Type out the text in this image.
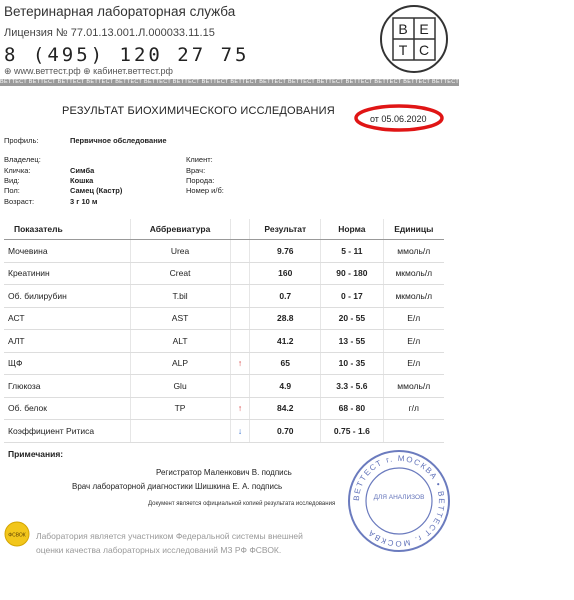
Ветеринарная лабораторная служба
Лицензия № 77.01.13.001.Л.000033.11.15
8 (495) 120 27 75
⊕ www.веттест.рф ⊕ кабинет.веттест.рф
В Е
Т С
ВЕТТЕСТ ВЕТТЕСТ ВЕТТЕСТ ВЕТТЕСТ ВЕТТЕСТ ВЕТТЕСТ ВЕТТЕСТ ВЕТТЕСТ ВЕТТЕСТ ВЕТТЕСТ ВЕТТЕСТ ВЕТТЕСТ ВЕТТЕСТ ВЕТТЕСТ ВЕТТЕСТ ВЕТТЕСТ ВЕТТЕСТ ВЕТТЕСТ ВЕТТЕСТ ВЕТТЕСТ
РЕЗУЛЬТАТ БИОХИМИЧЕСКОГО ИССЛЕДОВАНИЯ
от 05.06.2020
Профиль:	Первичное обследование
Владелец:
Кличка:	Симба
Вид:	Кошка
Пол:	Самец (Кастр)
Возраст:	3 г 10 м
Клиент:
Врач:
Порода:
Номер и/б:
Показатель	Аббревиатура		Результат	Норма	Единицы
Мочевина	Urea		9.76	5 - 11	ммоль/л
Креатинин	Creat		160	90 - 180	мкмоль/л
Об. билирубин	T.bil		0.7	0 - 17	мкмоль/л
АСТ	AST		28.8	20 - 55	Е/л
АЛТ	ALT		41.2	13 - 55	Е/л
ЩФ	ALP	↑	65	10 - 35	Е/л
Глюкоза	Glu		4.9	3.3 - 5.6	ммоль/л
Об. белок	TP	↑	84.2	68 - 80	г/л
Коэффициент Ритиса		↓	0.70	0.75 - 1.6	
Примечания:
Регистратор Маленкович В. подпись
Врач лабораторной диагностики Шишкина Е. А. подпись
Документ является официальной копией результата исследования
ВЕТТЕСТ г. МОСКВА • ВЕТТЕСТ г. МОСКВА
ДЛЯ АНАЛИЗОВ
ФСВОК Лаборатория является участником Федеральной системы внешней
оценки качества лабораторных исследований МЗ РФ ФСВОК.
